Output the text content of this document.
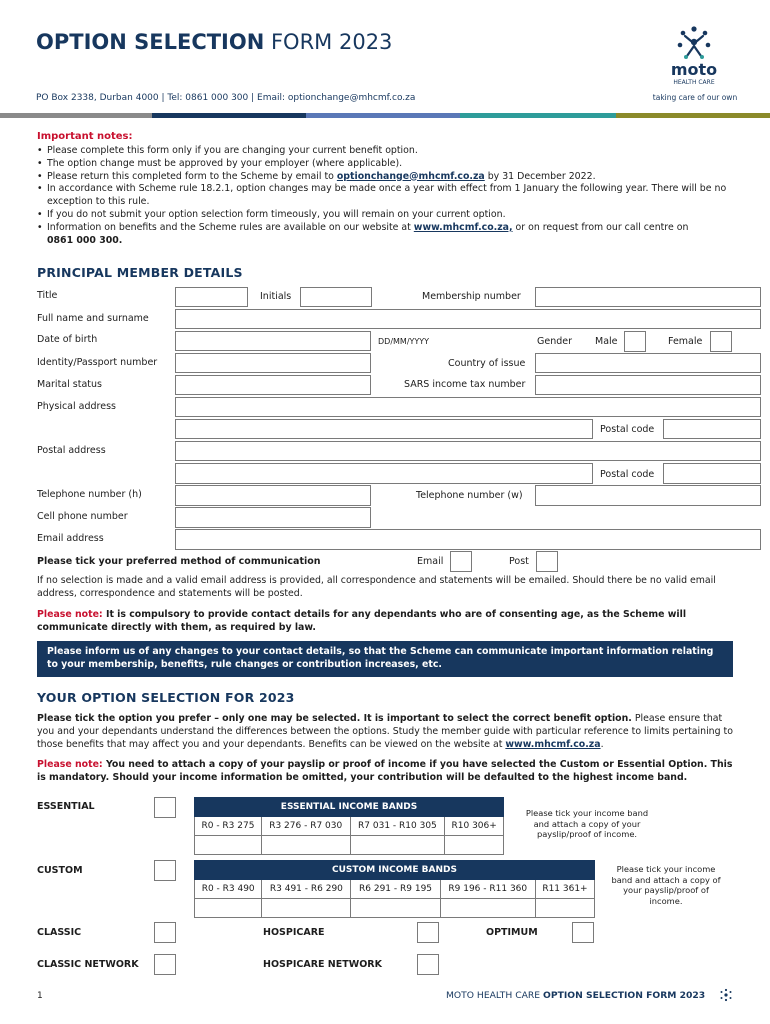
OPTION SELECTION FORM 2023
PO Box 2338, Durban 4000 | Tel: 0861 000 300 | Email: optionchange@mhcmf.co.za
moto
HEALTH CARE
taking care of our own
Important notes:
• Please complete this form only if you are changing your current benefit option.
• The option change must be approved by your employer (where applicable).
• Please return this completed form to the Scheme by email to optionchange@mhcmf.co.za by 31 December 2022.
• In accordance with Scheme rule 18.2.1, option changes may be made once a year with effect from 1 January the following year. There will be no exception to this rule.
• If you do not submit your option selection form timeously, you will remain on your current option.
• Information on benefits and the Scheme rules are available on our website at www.mhcmf.co.za, or on request from our call centre on
0861 000 300.
PRINCIPAL MEMBER DETAILS
Title	Initials	Membership number
Full name and surname
Date of birth	DD/MM/YYYY	Gender Male	Female
Identity/Passport number	Country of issue
Marital status	SARS income tax number
Physical address
Postal code
Postal address
Postal code
Telephone number (h)	Telephone number (w)
Cell phone number
Email address
Please tick your preferred method of communication	Email	Post
If no selection is made and a valid email address is provided, all correspondence and statements will be emailed. Should there be no valid email address, correspondence and statements will be posted.
Please note: It is compulsory to provide contact details for any dependants who are of consenting age, as the Scheme will communicate directly with them, as required by law.
Please inform us of any changes to your contact details, so that the Scheme can communicate important information relating to your membership, benefits, rule changes or contribution increases, etc.
YOUR OPTION SELECTION FOR 2023
Please tick the option you prefer – only one may be selected. It is important to select the correct benefit option. Please ensure that you and your dependants understand the differences between the options. Study the member guide with particular reference to limits pertaining to those benefits that may affect you and your dependants. Benefits can be viewed on the website at www.mhcmf.co.za.
Please note: You need to attach a copy of your payslip or proof of income if you have selected the Custom or Essential Option. This is mandatory. Should your income information be omitted, your contribution will be defaulted to the highest income band.
ESSENTIAL	ESSENTIAL INCOME BANDS			
R0 - R3 275	R3 276 - R7 030	R7 031 - R10 305	R10 306+

Please tick your income band and attach a copy of your payslip/proof of income.
CUSTOM	CUSTOM INCOME BANDS				
R0 - R3 490	R3 491 - R6 290	R6 291 - R9 195	R9 196 - R11 360	R11 361+

Please tick your income band and attach a copy of your payslip/proof of income.
CLASSIC	HOSPICARE	OPTIMUM
CLASSIC NETWORK	HOSPICARE NETWORK
1	MOTO HEALTH CARE OPTION SELECTION FORM 2023
